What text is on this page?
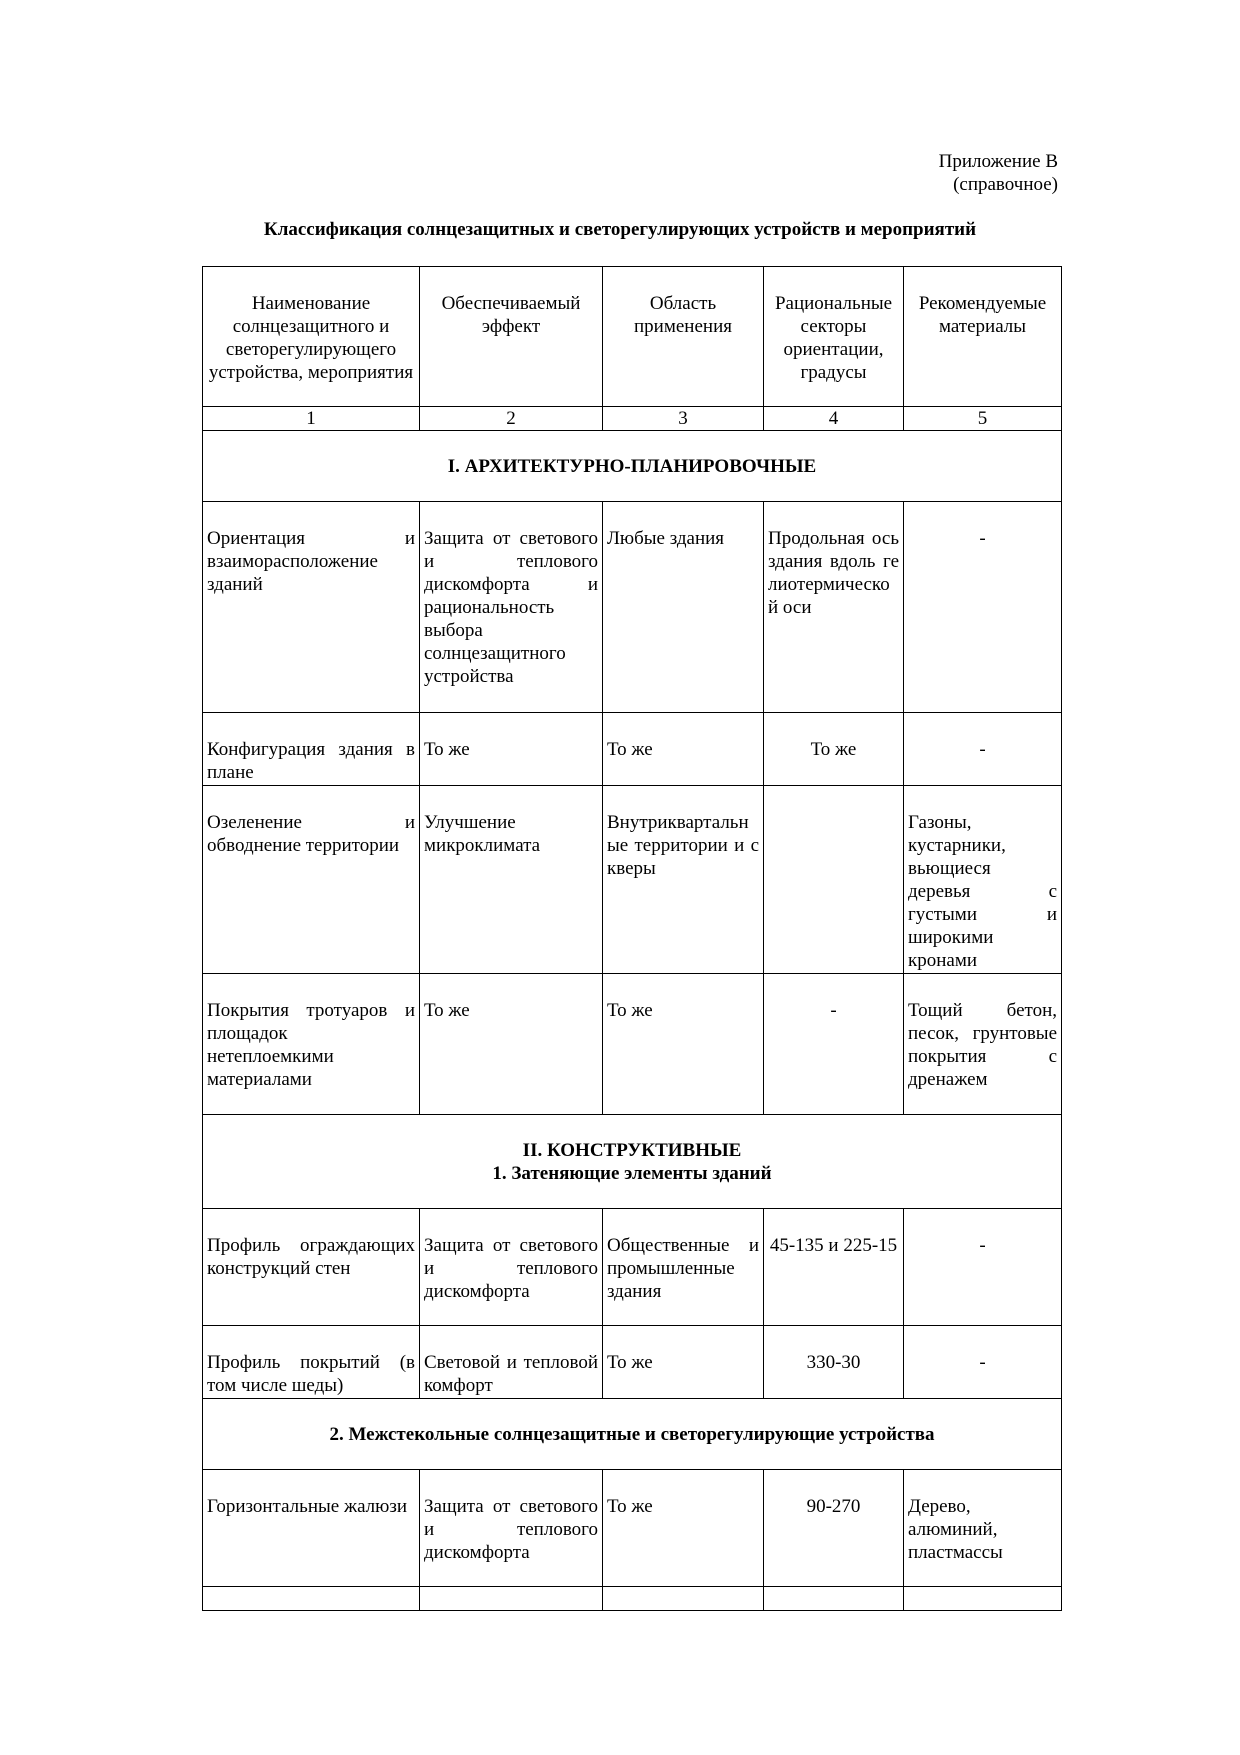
Приложение В
(справочное)
Классификация солнцезащитных и светорегулирующих устройств и мероприятий
Наименование солнцезащитного и светорегулирующего устройства, мероприятия	Обеспечиваемый эффект	Область применения	Рациональные секторы ориентации, градусы	Рекомендуемые материалы
1	2	3	4	5
I. АРХИТЕКТУРНО-ПЛАНИРОВОЧНЫЕ				
Ориентация и взаиморасположение зданий	Защита от светового и теплового дискомфорта и рациональность выбора солнцезащитного устройства	Любые здания	Продольная ось здания вдоль гелиотермической оси	-
Конфигурация здания в плане	То же	То же	То же	-
Озеленение и обводнение территории	Улучшение микроклимата	Внутриквартальные территории и скверы		Газоны, кустарники, вьющиеся деревья с густыми и широкими кронами
Покрытия тротуаров и площадок нетеплоемкими материалами	То же	То же	-	Тощий бетон, песок, грунтовые покрытия с дренажем

II. КОНСТРУКТИВНЫЕ
1. Затеняющие элементы зданий				

Профиль ограждающих конструкций стен	Защита от светового и теплового дискомфорта	Общественные и промышленные здания	45-135 и 225-15	-
Профиль покрытий (в том числе шеды)	Световой и тепловой комфорт	То же	330-30	-
2. Межстекольные солнцезащитные и светорегулирующие устройства				
Горизонтальные жалюзи	Защита от светового и теплового дискомфорта	То же	90-270	Дерево, алюминий, пластмассы
